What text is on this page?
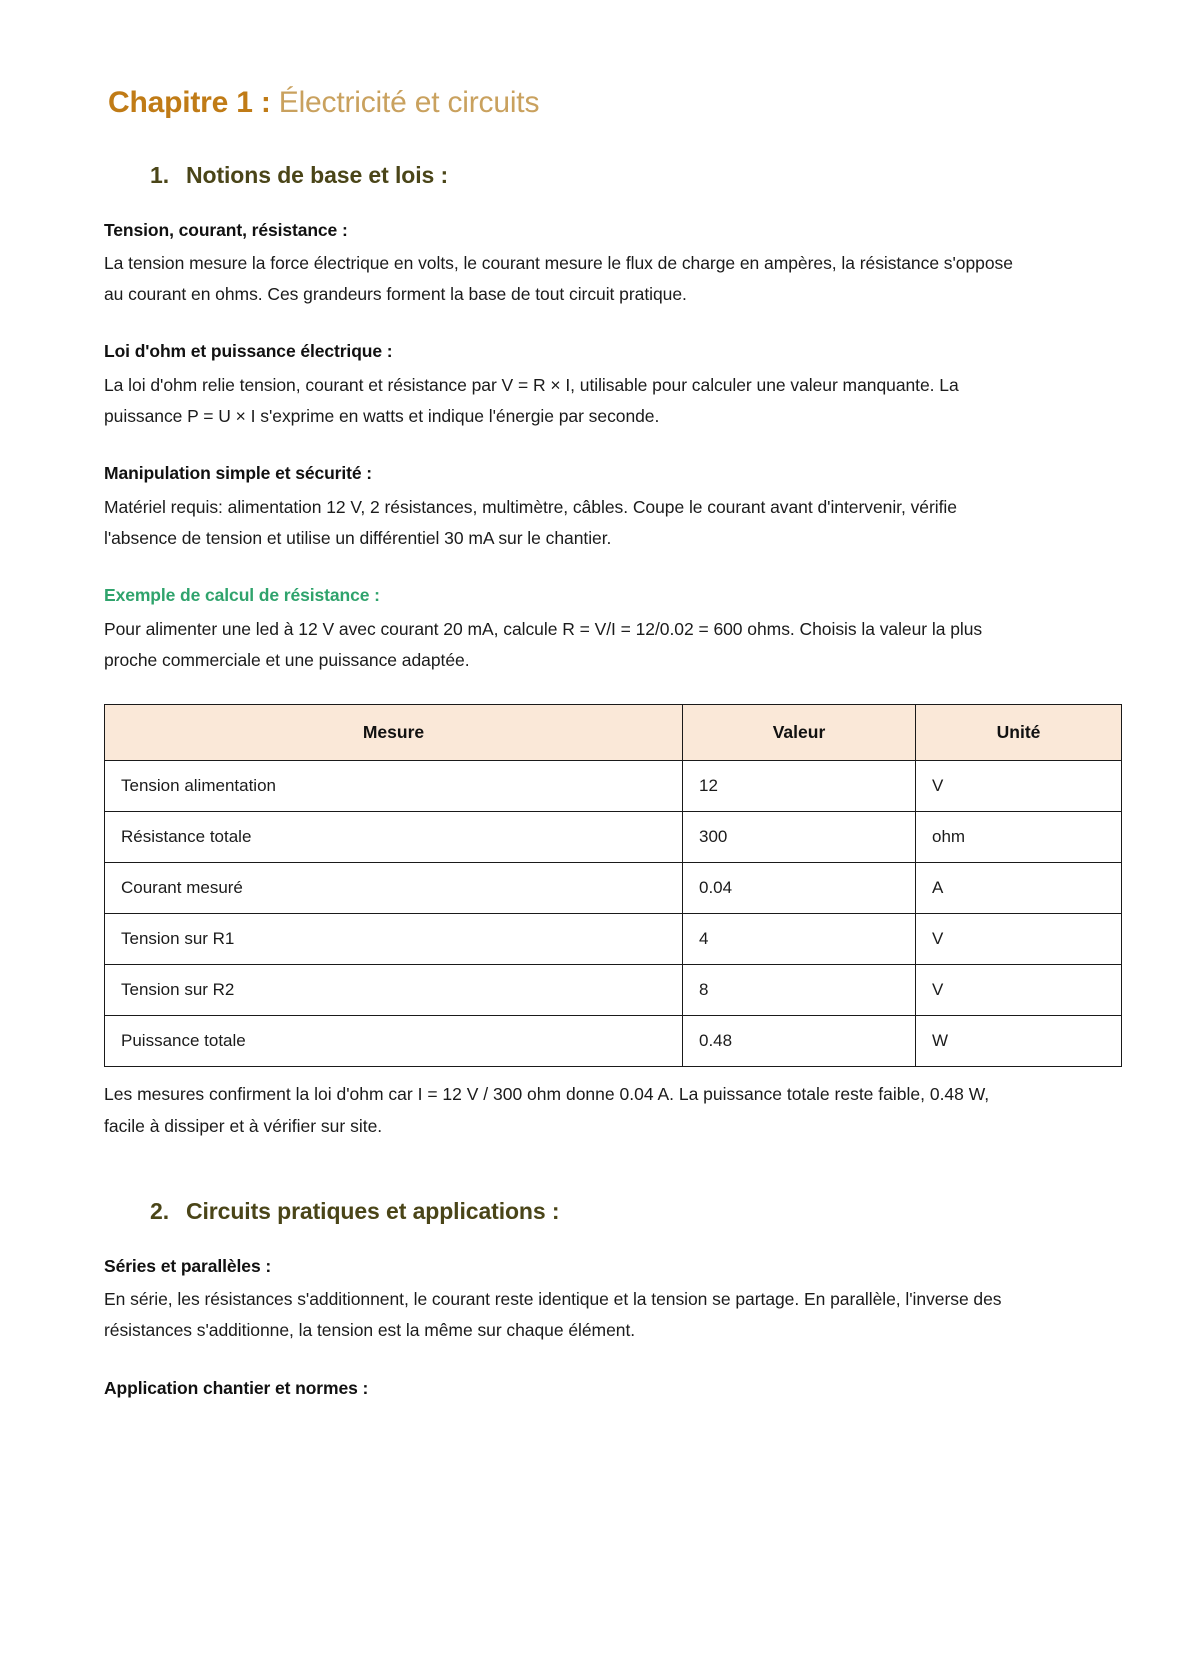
Chapitre 1 : Électricité et circuits
1. Notions de base et lois :
Tension, courant, résistance :

La tension mesure la force électrique en volts, le courant mesure le flux de charge en ampères, la résistance s'oppose au courant en ohms. Ces grandeurs forment la base de tout circuit pratique.

Loi d'ohm et puissance électrique :

La loi d'ohm relie tension, courant et résistance par V = R × I, utilisable pour calculer une valeur manquante. La puissance P = U × I s'exprime en watts et indique l'énergie par seconde.

Manipulation simple et sécurité :

Matériel requis: alimentation 12 V, 2 résistances, multimètre, câbles. Coupe le courant avant d'intervenir, vérifie l'absence de tension et utilise un différentiel 30 mA sur le chantier.

Exemple de calcul de résistance :

Pour alimenter une led à 12 V avec courant 20 mA, calcule R = V/I = 12/0.02 = 600 ohms. Choisis la valeur la plus proche commerciale et une puissance adaptée.

Mesure	Valeur	Unité
Tension alimentation	12	V
Résistance totale	300	ohm
Courant mesuré	0.04	A
Tension sur R1	4	V
Tension sur R2	8	V
Puissance totale	0.48	W

Les mesures confirment la loi d'ohm car I = 12 V / 300 ohm donne 0.04 A. La puissance totale reste faible, 0.48 W, facile à dissiper et à vérifier sur site.

2. Circuits pratiques et applications :
Séries et parallèles :

En série, les résistances s'additionnent, le courant reste identique et la tension se partage. En parallèle, l'inverse des résistances s'additionne, la tension est la même sur chaque élément.

Application chantier et normes :
